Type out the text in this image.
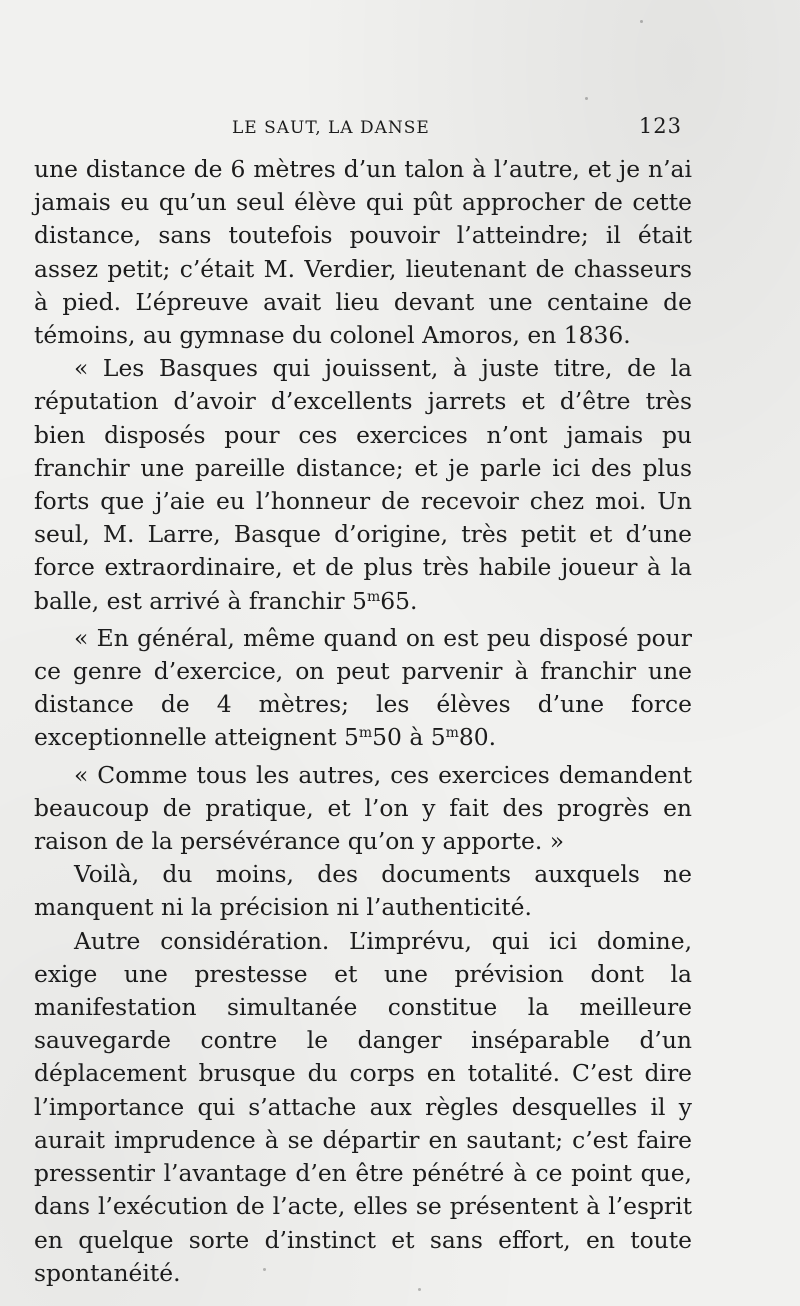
LE SAUT, LA DANSE	123

une distance de 6 mètres d’un talon à l’autre, et je n’ai jamais eu qu’un seul élève qui pût approcher de cette distance, sans toutefois pouvoir l’atteindre; il était assez petit; c’était M. Verdier, lieutenant de chasseurs à pied. L’épreuve avait lieu devant une centaine de témoins, au gymnase du colonel Amoros, en 1836.

« Les Basques qui jouissent, à juste titre, de la réputation d’avoir d’excellents jarrets et d’être très bien disposés pour ces exercices n’ont jamais pu franchir une pareille distance; et je parle ici des plus forts que j’aie eu l’honneur de recevoir chez moi. Un seul, M. Larre, Basque d’origine, très petit et d’une force extraordinaire, et de plus très habile joueur à la balle, est arrivé à franchir 5$^m$65.

« En général, même quand on est peu disposé pour ce genre d’exercice, on peut parvenir à franchir une distance de 4 mètres; les élèves d’une force exceptionnelle atteignent 5$^m$50 à 5$^m$80.

« Comme tous les autres, ces exercices demandent beaucoup de pratique, et l’on y fait des progrès en raison de la persévérance qu’on y apporte. »

Voilà, du moins, des documents auxquels ne manquent ni la précision ni l’authenticité.

Autre considération. L’imprévu, qui ici domine, exige une prestesse et une prévision dont la manifestation simultanée constitue la meilleure sauvegarde contre le danger inséparable d’un déplacement brusque du corps en totalité. C’est dire l’importance qui s’attache aux règles desquelles il y aurait imprudence à se départir en sautant; c’est faire pressentir l’avantage d’en être pénétré à ce point que, dans l’exécution de l’acte, elles se présentent à l’esprit en quelque sorte d’instinct et sans effort, en toute spontanéité.
